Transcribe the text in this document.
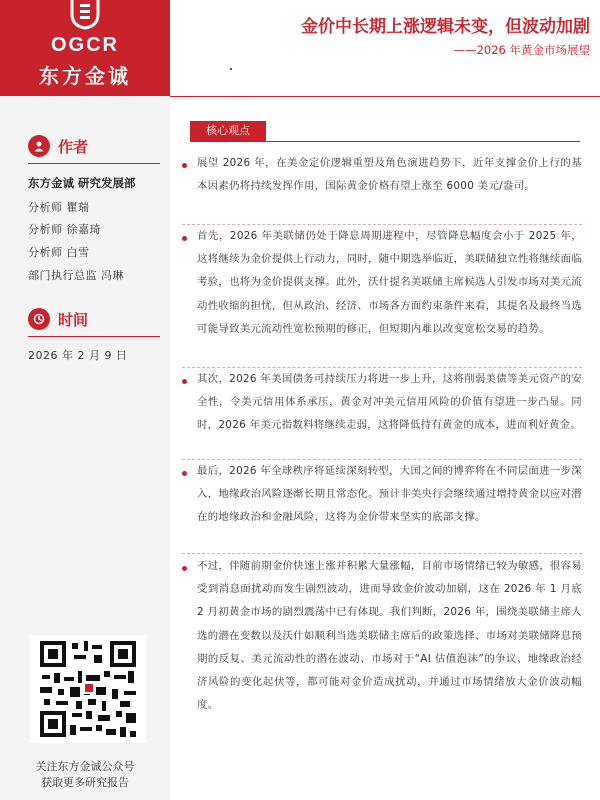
OGCR
东方金诚
作者
东方金诚 研究发展部
分析师 瞿瑞
分析师 徐嘉琦
分析师 白雪
部门执行总监 冯琳
时间
2026 年 2 月 9 日
关注东方金诚公众号
获取更多研究报告
金价中长期上涨逻辑未变，但波动加剧
——2026 年黄金市场展望
核心观点
展望 2026 年，在美金定价逻辑重塑及角色演进趋势下，近年支撑金价上行的基本因素仍将持续发挥作用，国际黄金价格有望上涨至 6000 美元/盎司。
首先，2026 年美联储仍处于降息周期进程中，尽管降息幅度会小于 2025 年，这将继续为金价提供上行动力，同时，随中期选举临近，美联储独立性将继续面临考验，也将为金价提供支撑。此外，沃什提名美联储主席候选人引发市场对美元流动性收缩的担忧，但从政治、经济、市场各方面约束条件来看，其提名及最终当选可能导致美元流动性宽松预期的修正，但短期内难以改变宽松交易的趋势。
其次，2026 年美国债务可持续压力将进一步上升，这将削弱美债等美元资产的安全性，令美元信用体系承压，黄金对冲美元信用风险的价值有望进一步凸显。同时，2026 年美元指数料将继续走弱，这将降低持有黄金的成本，进而利好黄金。
最后，2026 年全球秩序将延续深刻转型，大国之间的博弈将在不同层面进一步深入，地缘政治风险逐渐长期且常态化。预计非美央行会继续通过增持黄金以应对潜在的地缘政治和金融风险，这将为金价带来坚实的底部支撑。
不过，伴随前期金价快速上涨并积累大量涨幅，目前市场情绪已较为敏感，很容易受到消息面扰动而发生剧烈波动，进而导致金价波动加剧，这在 2026 年 1 月底 2 月初黄金市场的剧烈震荡中已有体现。我们判断，2026 年，围绕美联储主席人选的潜在变数以及沃什如顺利当选美联储主席后的政策选择、市场对美联储降息预期的反复、美元流动性的潜在波动、市场对于“AI 估值泡沫”的争议、地缘政治经济风险的变化起伏等，都可能对金价造成扰动，并通过市场情绪放大金价波动幅度。
